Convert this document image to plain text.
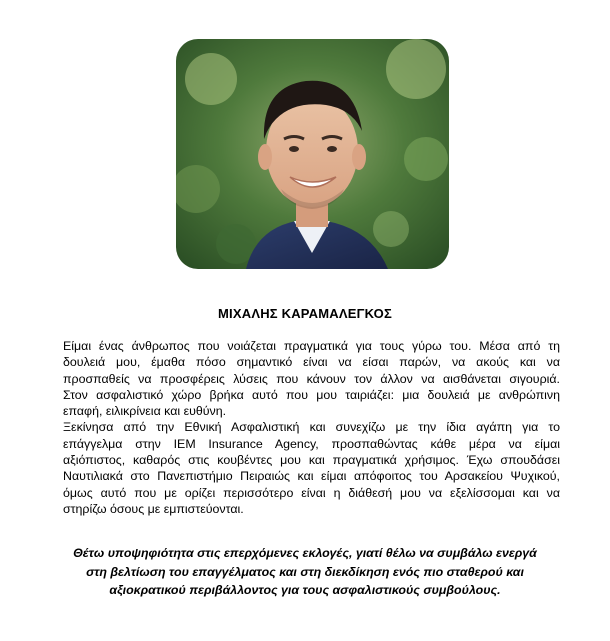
ΜΙΧΑΛΗΣ ΚΑΡΑΜΑΛΕΓΚΟΣ

Είμαι ένας άνθρωπος που νοιάζεται πραγματικά για τους γύρω του. Μέσα από τη

δουλειά μου, έμαθα πόσο σημαντικό είναι να είσαι παρών, να ακούς και να

προσπαθείς να προσφέρεις λύσεις που κάνουν τον άλλον να αισθάνεται σιγουριά.

Στον ασφαλιστικό χώρο βρήκα αυτό που μου ταιριάζει: μια δουλειά με ανθρώπινη

επαφή, ειλικρίνεια και ευθύνη.

Ξεκίνησα από την Εθνική Ασφαλιστική και συνεχίζω με την ίδια αγάπη για το

επάγγελμα στην ΙΕΜ Insurance Agency, προσπαθώντας κάθε μέρα να είμαι

αξιόπιστος, καθαρός στις κουβέντες μου και πραγματικά χρήσιμος. Έχω σπουδάσει

Ναυτιλιακά στο Πανεπιστήμιο Πειραιώς και είμαι απόφοιτος του Αρσακείου Ψυχικού,

όμως αυτό που με ορίζει περισσότερο είναι η διάθεσή μου να εξελίσσομαι και να

στηρίζω όσους με εμπιστεύονται.

Θέτω υποψηφιότητα στις επερχόμενες εκλογές, γιατί θέλω να συμβάλω ενεργά
στη βελτίωση του επαγγέλματος και στη διεκδίκηση ενός πιο σταθερού και
αξιοκρατικού περιβάλλοντος για τους ασφαλιστικούς συμβούλους.
